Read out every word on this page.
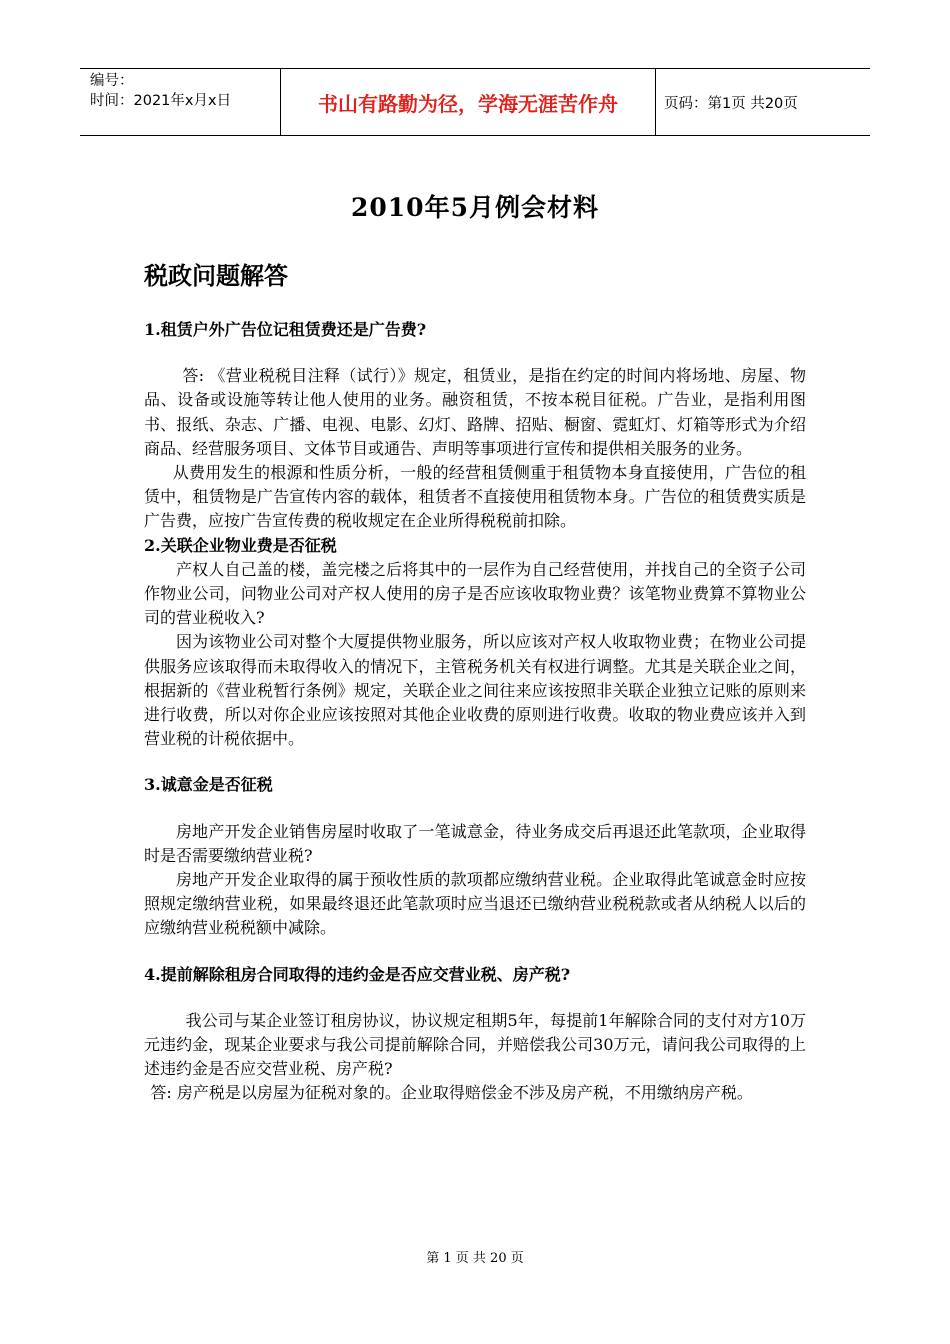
编号：
时间：2021年x月x日	书山有路勤为径，学海无涯苦作舟	页码：第1页 共20页
2010年5月例会材料
税政问题解答

1.租赁户外广告位记租赁费还是广告费?

答: 《营业税税目注释（试行）》规定，租赁业，是指在约定的时间内将场地、房屋、物品、设备或设施等转让他人使用的业务。融资租赁，不按本税目征税。广告业，是指利用图书、报纸、杂志、广播、电视、电影、幻灯、路牌、招贴、橱窗、霓虹灯、灯箱等形式为介绍商品、经营服务项目、文体节目或通告、声明等事项进行宣传和提供相关服务的业务。

从费用发生的根源和性质分析，一般的经营租赁侧重于租赁物本身直接使用，广告位的租赁中，租赁物是广告宣传内容的载体，租赁者不直接使用租赁物本身。广告位的租赁费实质是广告费，应按广告宣传费的税收规定在企业所得税税前扣除。

2.关联企业物业费是否征税

产权人自己盖的楼，盖完楼之后将其中的一层作为自己经营使用，并找自己的全资子公司作物业公司，问物业公司对产权人使用的房子是否应该收取物业费？该笔物业费算不算物业公司的营业税收入?

因为该物业公司对整个大厦提供物业服务，所以应该对产权人收取物业费；在物业公司提供服务应该取得而未取得收入的情况下，主管税务机关有权进行调整。尤其是关联企业之间，根据新的《营业税暂行条例》规定，关联企业之间往来应该按照非关联企业独立记账的原则来进行收费，所以对你企业应该按照对其他企业收费的原则进行收费。收取的物业费应该并入到营业税的计税依据中。

3.诚意金是否征税

房地产开发企业销售房屋时收取了一笔诚意金，待业务成交后再退还此笔款项，企业取得时是否需要缴纳营业税?

房地产开发企业取得的属于预收性质的款项都应缴纳营业税。企业取得此笔诚意金时应按照规定缴纳营业税，如果最终退还此笔款项时应当退还已缴纳营业税税款或者从纳税人以后的应缴纳营业税税额中减除。

4.提前解除租房合同取得的违约金是否应交营业税、房产税?

我公司与某企业签订租房协议，协议规定租期5年，每提前1年解除合同的支付对方10万元违约金，现某企业要求与我公司提前解除合同，并赔偿我公司30万元，请问我公司取得的上述违约金是否应交营业税、房产税?

答: 房产税是以房屋为征税对象的。企业取得赔偿金不涉及房产税，不用缴纳房产税。

第 1 页 共 20 页
